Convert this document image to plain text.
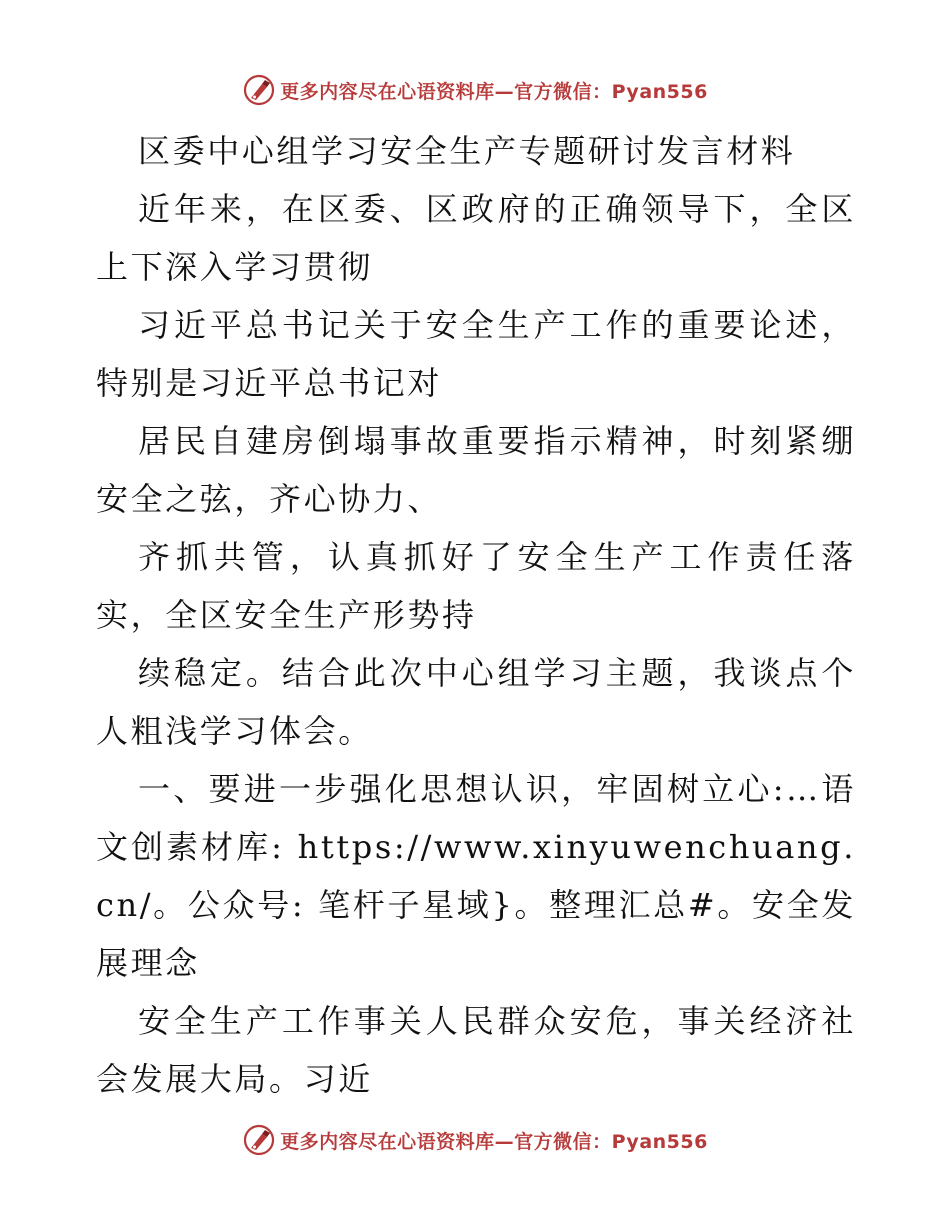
更多内容尽在心语资料库—官方微信：Pyan556

区委中心组学习安全生产专题研讨发言材料

近年来，在区委、区政府的正确领导下，全区上下深入学习贯彻

习近平总书记关于安全生产工作的重要论述，特别是习近平总书记对

居民自建房倒塌事故重要指示精神，时刻紧绷安全之弦，齐心协力、

齐抓共管，认真抓好了安全生产工作责任落实，全区安全生产形势持

续稳定。结合此次中心组学习主题，我谈点个人粗浅学习体会。

一、要进一步强化思想认识，牢固树立心:…语文创素材库: https://www.xinyuwenchuang.cn/。公众号: 笔杆子星域}。整理汇总#。安全发展理念

安全生产工作事关人民群众安危，事关经济社会发展大局。习近

更多内容尽在心语资料库—官方微信：Pyan556
